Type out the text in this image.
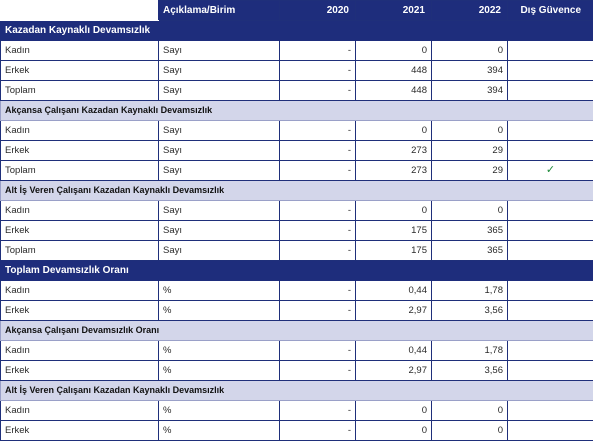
	Açıklama/Birim	2020	2021	2022	Dış Güvence
Kazadan Kaynaklı Devamsızlık					
Kadın	Sayı	-	0	0	
Erkek	Sayı	-	448	394	
Toplam	Sayı	-	448	394	
Akçansa Çalışanı Kazadan Kaynaklı Devamsızlık					
Kadın	Sayı	-	0	0	
Erkek	Sayı	-	273	29	
Toplam	Sayı	-	273	29	✓
Alt İş Veren Çalışanı Kazadan Kaynaklı Devamsızlık					
Kadın	Sayı	-	0	0	
Erkek	Sayı	-	175	365	
Toplam	Sayı	-	175	365	
Toplam Devamsızlık Oranı					
Kadın	%	-	0,44	1,78	
Erkek	%	-	2,97	3,56	
Akçansa Çalışanı Devamsızlık Oranı					
Kadın	%	-	0,44	1,78	
Erkek	%	-	2,97	3,56	
Alt İş Veren Çalışanı Kazadan Kaynaklı Devamsızlık					
Kadın	%	-	0	0	
Erkek	%	-	0	0	
